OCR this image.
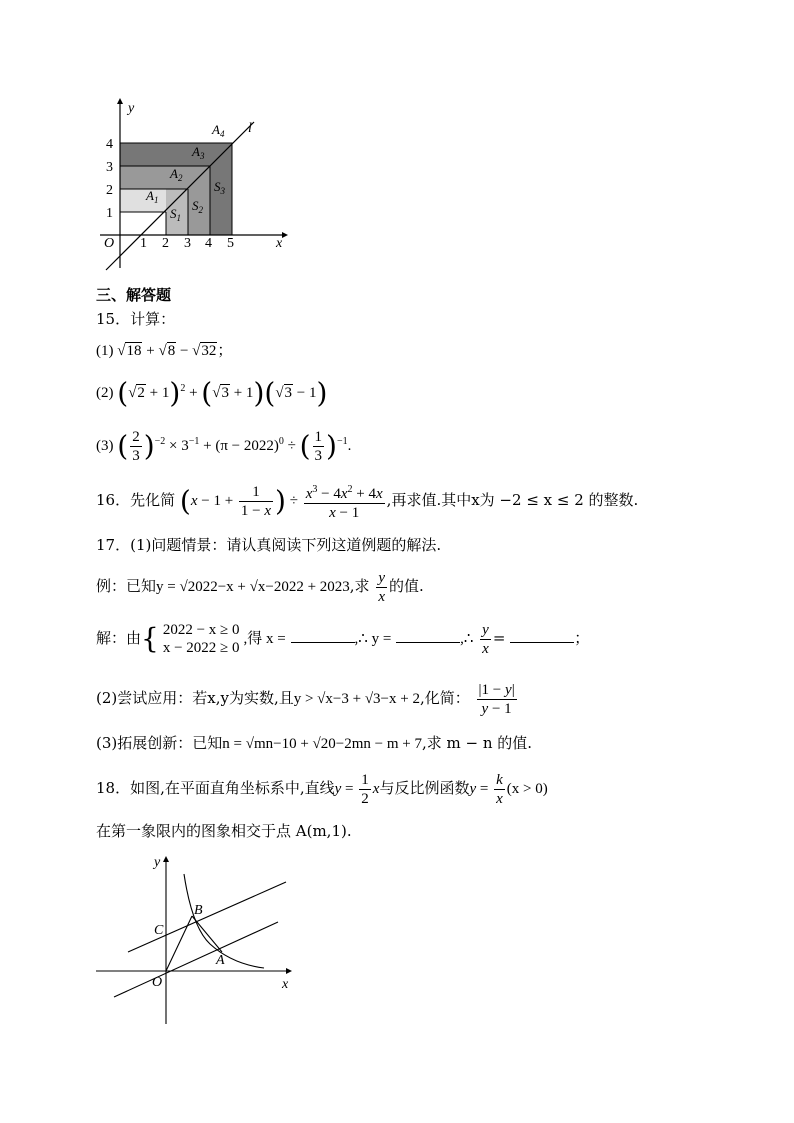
y
x
O
l
1 2 3 4 5
1
2
3
4
$A_1$
$A_2$
$A_3$
$A_4$
$S_1$
$S_2$
$S_3$
三、解答题
15．计算：
(1) √18 + √8 − √32；
(2) $(√2 + 1)^2 + (√3 + 1)(√3 - 1)$
(3) ( $\frac{2}{3} )^{-2} \times 3^{-1} + (\pi - 2022)^0$ ÷ ( $\frac{1}{3} )^{-1}$.
16．先化简 ($x - 1 + \frac{1}{1 - x}$ ) ÷ $\frac{x^3 - 4x^2 + 4x}{x - 1}$ ,再求值.其中x为 −2 ≤ x ≤ 2 的整数.
17．(1)问题情景：请认真阅读下列这道例题的解法.
例：已知y = √2022−x + √x−2022 + 2023,求 $\frac{y}{x}$ 的值.
解：由{ 2022 − x ≥ 0
x − 2022 ≥ 0
,得 x =	,∴ y =	,∴ $\frac{y}{x}$ =	；
(2)尝试应用：若x,y为实数,且y > √x−3 + √3−x + 2,化简： $\frac{|1 - y|}{y - 1}$
(3)拓展创新：已知n = √mn−10 + √20−2mn − m + 7,求 m − n 的值.
18．如图,在平面直角坐标系中,直线$y = \frac{1}{2}$ x与反比例函数$y = \frac{k}{x} (x > 0)$
在第一象限内的图象相交于点 A(m,1).
y
x
O
A
B
C
